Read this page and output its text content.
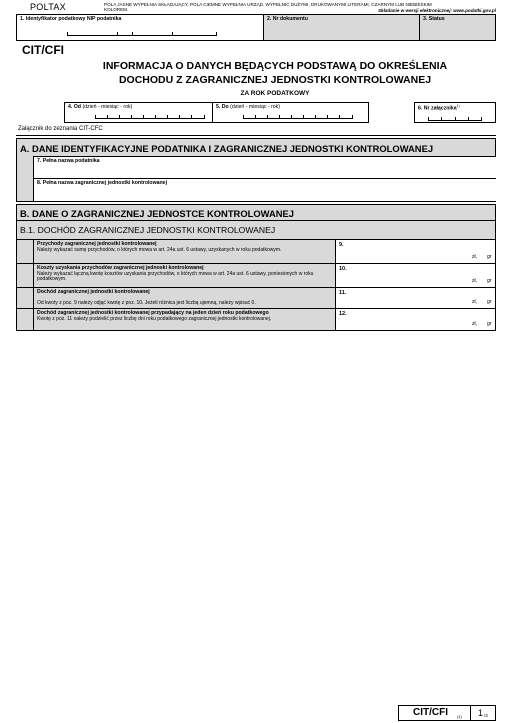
POLTAX	POLA JASNE WYPEŁNIA SKŁADAJĄCY, POLA CIEMNE WYPEŁNIA URZĄD. WYPEŁNIĆ DUŻYMI, DRUKOWANYMI LITERAMI, CZARNYM LUB NIEBIESKIM
KOLOREM.	Składanie w wersji elektronicznej: www.podatki.gov.pl
1. Identyfikator podatkowy NIP podatnika	2. Nr dokumentu	3. Status
CIT/CFI
INFORMACJA O DANYCH BĘDĄCYCH PODSTAWĄ DO OKREŚLENIA
DOCHODU Z ZAGRANICZNEJ JEDNOSTKI KONTROLOWANEJ
ZA ROK PODATKOWY
4. Od (dzień - miesiąc - rok)	5. Do (dzień - miesiąc - rok)	6. Nr załącznika$^{1)}$
Załącznik do zeznania CIT-CFC
A. DANE IDENTYFIKACYJNE PODATNIKA I ZAGRANICZNEJ JEDNOSTKI KONTROLOWANEJ
7. Pełna nazwa podatnika
8. Pełna nazwa zagranicznej jednostki kontrolowanej
B. DANE O ZAGRANICZNEJ JEDNOSTCE KONTROLOWANEJ
B.1. DOCHÓD ZAGRANICZNEJ JEDNOSTKI KONTROLOWANEJ
Przychody zagranicznej jednostki kontrolowanej
Należy wykazać sumę przychodów, o których mowa w art. 24a ust. 6 ustawy, uzyskanych w roku podatkowym.
9.
zł, gr
Koszty uzyskania przychodów zagranicznej jednoski kontrolowanej
Należy wykazać łączną kwotę kosztów uzyskania przychodów, o których mowa w art. 24a ust. 6 ustawy, poniesionych w roku podatkowym.
10.
zł, gr
Dochód zagranicznej jednostki kontrolowanej
Od kwoty z poz. 9 należy odjąć kwotę z poz. 10. Jeżeli różnica jest liczbą ujemną, należy wpisać 0.
11.
zł, gr
Dochód zagranicznej jednostki kontrolowanej przypadający na jeden dzień roku podatkowego
Kwotę z poz. 11 należy podzielić przez liczbę dni roku podatkowego zagranicznej jednostki kontrolowanej.
12.
zł, gr
CIT/CFI (1) 1 /3
